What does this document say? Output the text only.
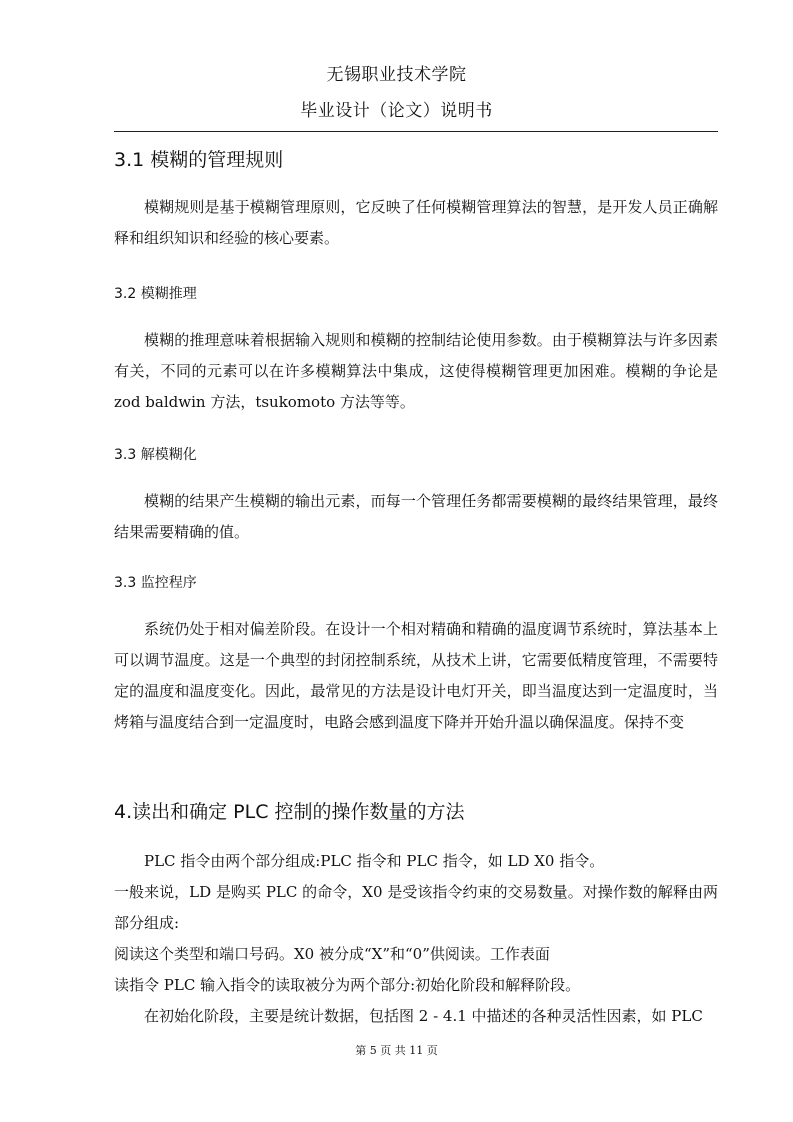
无锡职业技术学院
毕业设计（论文）说明书
3.1 模糊的管理规则
模糊规则是基于模糊管理原则，它反映了任何模糊管理算法的智慧，是开发人员正确解释和组织知识和经验的核心要素。
3.2 模糊推理
模糊的推理意味着根据输入规则和模糊的控制结论使用参数。由于模糊算法与许多因素有关，不同的元素可以在许多模糊算法中集成，这使得模糊管理更加困难。模糊的争论是 zod baldwin 方法，tsukomoto 方法等等。
3.3 解模糊化
模糊的结果产生模糊的输出元素，而每一个管理任务都需要模糊的最终结果管理，最终结果需要精确的值。
3.3 监控程序
系统仍处于相对偏差阶段。在设计一个相对精确和精确的温度调节系统时，算法基本上可以调节温度。这是一个典型的封闭控制系统，从技术上讲，它需要低精度管理，不需要特定的温度和温度变化。因此，最常见的方法是设计电灯开关，即当温度达到一定温度时，当烤箱与温度结合到一定温度时，电路会感到温度下降并开始升温以确保温度。保持不变
4.读出和确定 PLC 控制的操作数量的方法
PLC 指令由两个部分组成:PLC 指令和 PLC 指令，如 LD X0 指令。
一般来说，LD 是购买 PLC 的命令，X0 是受该指令约束的交易数量。对操作数的解释由两部分组成:
阅读这个类型和端口号码。X0 被分成“X”和“0”供阅读。工作表面
读指令 PLC 输入指令的读取被分为两个部分:初始化阶段和解释阶段。
在初始化阶段，主要是统计数据，包括图 2 - 4.1 中描述的各种灵活性因素，如 PLC
第 5 页 共 11 页
